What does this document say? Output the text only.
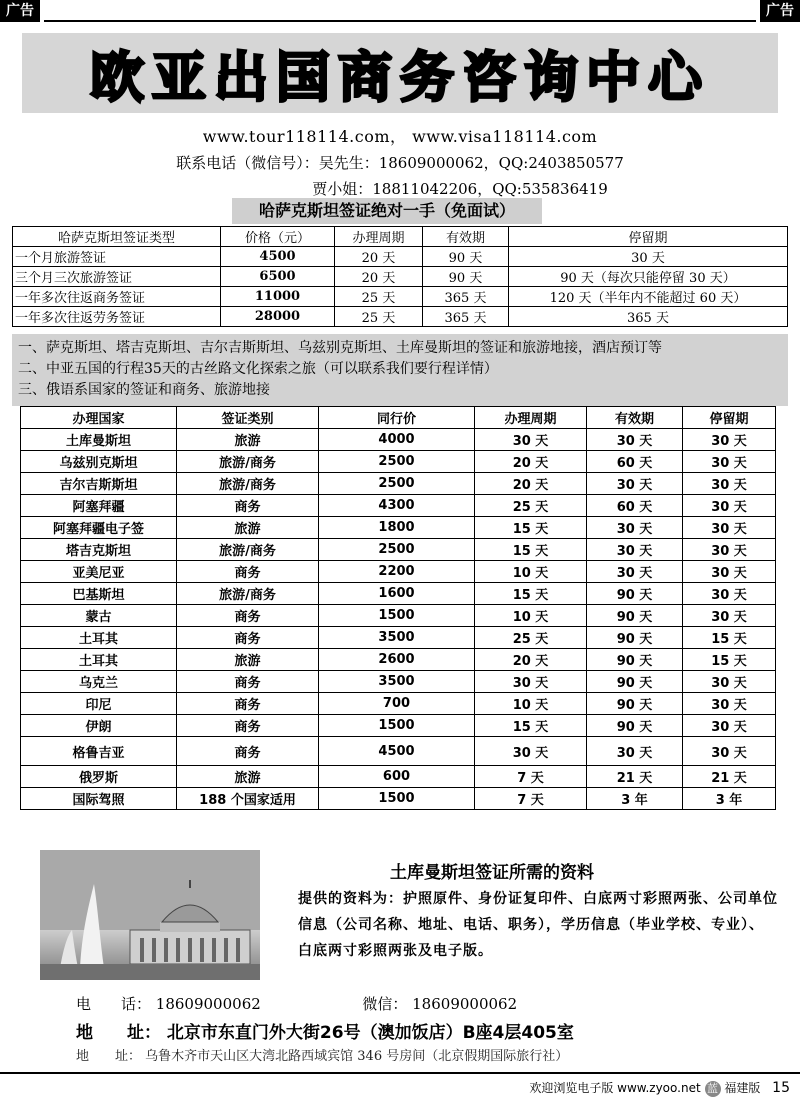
广告	广告
欧亚出国商务咨询中心
www.tour118114.com， www.visa118114.com
联系电话（微信号）：吴先生：18609000062，QQ:2403850577
贾小姐：18811042206，QQ:535836419
哈萨克斯坦签证绝对一手（免面试）
哈萨克斯坦签证类型	价格（元）	办理周期	有效期	停留期
一个月旅游签证	4500	20 天	90 天	30 天
三个月三次旅游签证	6500	20 天	90 天	90 天（每次只能停留 30 天）
一年多次往返商务签证	11000	25 天	365 天	120 天（半年内不能超过 60 天）
一年多次往返劳务签证	28000	25 天	365 天	365 天
一、萨克斯坦、塔吉克斯坦、吉尔吉斯斯坦、乌兹别克斯坦、土库曼斯坦的签证和旅游地接，酒店预订等
二、中亚五国的行程35天的古丝路文化探索之旅（可以联系我们要行程详情）
三、俄语系国家的签证和商务、旅游地接
办理国家	签证类别	同行价	办理周期	有效期	停留期
土库曼斯坦	旅游	4000	30 天	30 天	30 天
乌兹别克斯坦	旅游/商务	2500	20 天	60 天	30 天
吉尔吉斯斯坦	旅游/商务	2500	20 天	30 天	30 天
阿塞拜疆	商务	4300	25 天	60 天	30 天
阿塞拜疆电子签	旅游	1800	15 天	30 天	30 天
塔吉克斯坦	旅游/商务	2500	15 天	30 天	30 天
亚美尼亚	商务	2200	10 天	30 天	30 天
巴基斯坦	旅游/商务	1600	15 天	90 天	30 天
蒙古	商务	1500	10 天	90 天	30 天
土耳其	商务	3500	25 天	90 天	15 天
土耳其	旅游	2600	20 天	90 天	15 天
乌克兰	商务	3500	30 天	90 天	30 天
印尼	商务	700	10 天	90 天	30 天
伊朗	商务	1500	15 天	90 天	30 天
格鲁吉亚	商务	4500	30 天	30 天	30 天
俄罗斯	旅游	600	7 天	21 天	21 天
国际驾照	188 个国家适用	1500	7 天	3 年	3 年
土库曼斯坦签证所需的资料
提供的资料为：护照原件、身份证复印件、白底两寸彩照两张、公司单位信息（公司名称、地址、电话、职务），学历信息（毕业学校、专业）、白底两寸彩照两张及电子版。
电　　话： 18609000062	微信： 18609000062
地　　址： 北京市东直门外大街26号（澳加饭店）B座4层405室
地　　址： 乌鲁木齐市天山区大湾北路西域宾馆 346 号房间（北京假期国际旅行社）
欢迎浏览电子版 www.zyoo.net 蓝 福建版 15
